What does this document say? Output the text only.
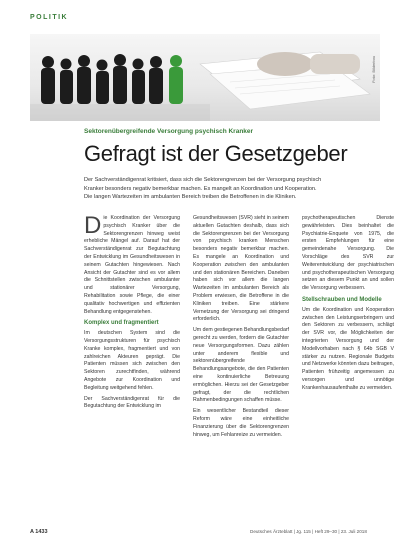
POLITIK
Foto: Bilderbox
Sektorenübergreifende Versorgung psychisch Kranker
Gefragt ist der Gesetzgeber

Der Sachverständigenrat kritisiert, dass sich die Sektorengrenzen bei der Versorgung psychisch

Kranker besonders negativ bemerkbar machen. Es mangelt an Koordination und Kooperation.

Die langen Wartezeiten im ambulanten Bereich treiben die Betroffenen in die Kliniken.

Die Koordination der Versorgung psychisch Kranker über die Sektorengrenzen hinweg weist erhebliche Mängel auf. Darauf hat der Sachverständigenrat zur Begutachtung der Entwicklung im Gesundheitswesen in seinem Gutachten hingewiesen. Nach Ansicht der Gutachter sind es vor allem die Schnittstellen zwischen ambulanter und stationärer Versorgung, Rehabilitation sowie Pflege, die einer qualitativ hochwertigen und effizienten Behandlung entgegenstehen.

Komplex und fragmentiert

Im deutschen System sind die Versorgungsstrukturen für psychisch Kranke komplex, fragmentiert und von zahlreichen Akteuren geprägt. Die Patienten müssen sich zwischen den Sektoren zurechtfinden, während Angebote zur Koordination und Begleitung weitgehend fehlen.

Der Sachverständigenrat für die Begutachtung der Entwicklung im

Gesundheitswesen (SVR) sieht in seinem aktuellen Gutachten deshalb, dass sich die Sektorengrenzen bei der Versorgung von psychisch kranken Menschen besonders negativ bemerkbar machen. Es mangele an Koordination und Kooperation zwischen den ambulanten und den stationären Bereichen. Daneben haben sich vor allem die langen Wartezeiten im ambulanten Bereich als Problem erwiesen, die Betroffene in die Kliniken treiben. Eine stärkere Vernetzung der Versorgung sei dringend erforderlich.

Um dem gestiegenen Behandlungsbedarf gerecht zu werden, fordern die Gutachter neue Versorgungsformen. Dazu zählen unter anderem flexible und sektorenübergreifende Behandlungsangebote, die den Patienten eine kontinuierliche Betreuung ermöglichen. Hierzu sei der Gesetzgeber gefragt, der die rechtlichen Rahmenbedingungen schaffen müsse.

Ein wesentlicher Bestandteil dieser Reform wäre eine einheitliche Finanzierung über die Sektorengrenzen hinweg, um Fehlanreize zu vermeiden.

psychotherapeutischen Dienste gewährleisten. Dies beinhaltet die Psychiatrie-Enquete von 1975, die ersten Empfehlungen für eine gemeindenahe Versorgung. Die Vorschläge des SVR zur Weiterentwicklung der psychiatrischen und psychotherapeutischen Versorgung setzen an diesem Punkt an und sollen die Versorgung verbessern.

Stellschrauben und Modelle

Um die Koordination und Kooperation zwischen den Leistungserbringern und den Sektoren zu verbessern, schlägt der SVR vor, die Möglichkeiten der integrierten Versorgung und der Modellvorhaben nach § 64b SGB V stärker zu nutzen. Regionale Budgets und Netzwerke könnten dazu beitragen, Patienten frühzeitig angemessen zu versorgen und unnötige Krankenhausaufenthalte zu vermeiden.

A 1433	Deutsches Ärzteblatt | Jg. 115 | Heft 29–30 | 23. Juli 2018
